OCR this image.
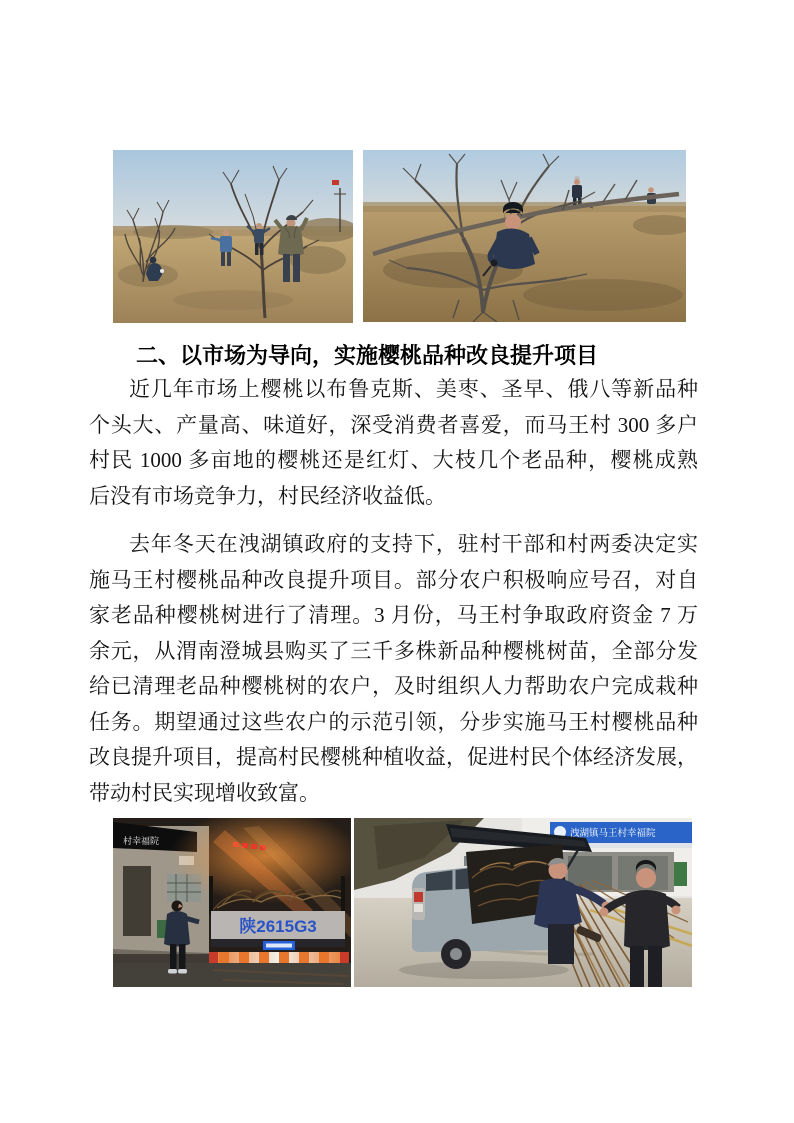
二、以市场为导向，实施樱桃品种改良提升项目
近几年市场上樱桃以布鲁克斯、美枣、圣早、俄八等新品种
个头大、产量高、味道好，深受消费者喜爱，而马王村 300 多户
村民 1000 多亩地的樱桃还是红灯、大枝几个老品种，樱桃成熟
后没有市场竞争力，村民经济收益低。
去年冬天在洩湖镇政府的支持下，驻村干部和村两委决定实
施马王村樱桃品种改良提升项目。部分农户积极响应号召，对自
家老品种樱桃树进行了清理。3 月份，马王村争取政府资金 7 万
余元，从渭南澄城县购买了三千多株新品种樱桃树苗，全部分发
给已清理老品种樱桃树的农户，及时组织人力帮助农户完成栽种
任务。期望通过这些农户的示范引领，分步实施马王村樱桃品种
改良提升项目，提高村民樱桃种植收益，促进村民个体经济发展，
带动村民实现增收致富。
村幸福院
陕2615G3
洩湖镇马王村幸福院
